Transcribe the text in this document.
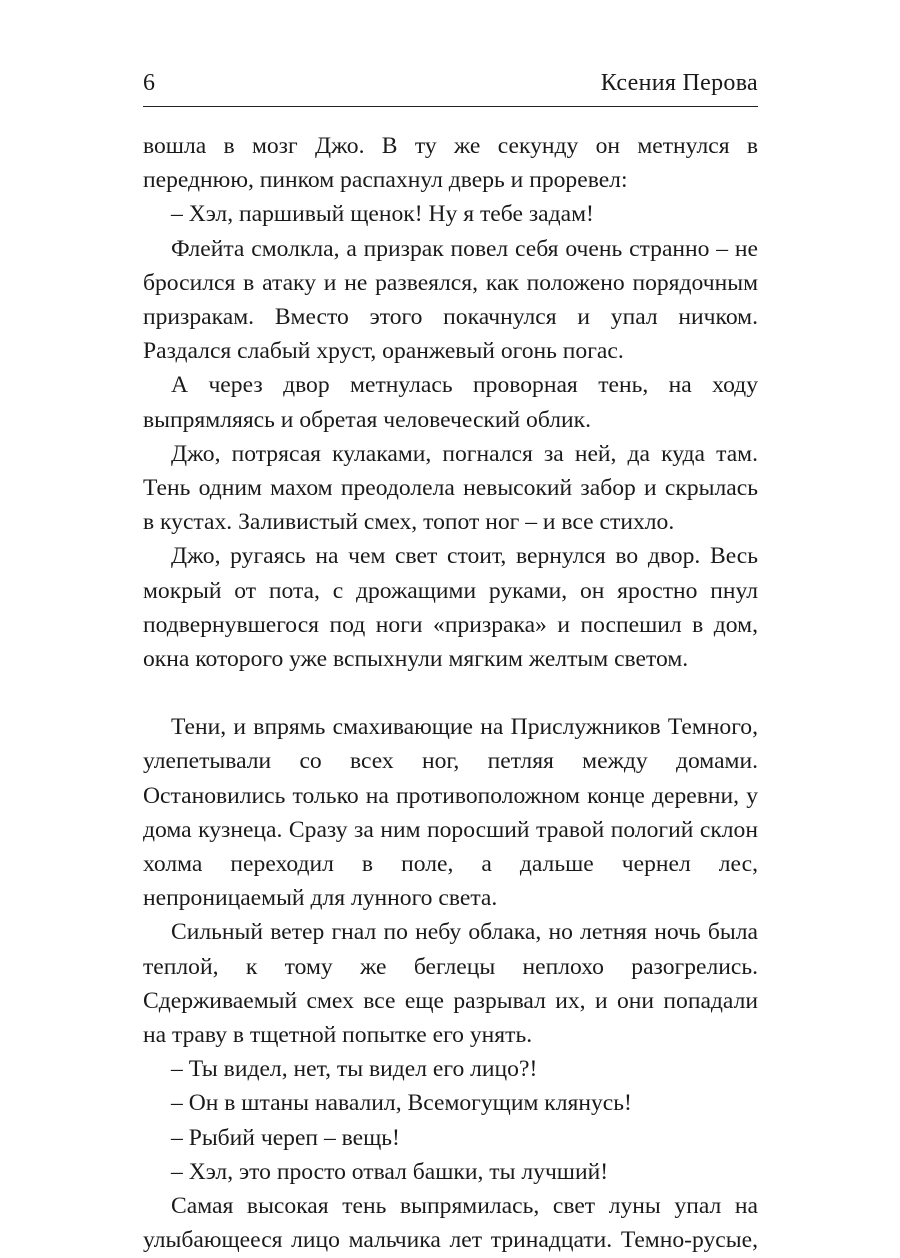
6	Ксения Перова

вошла в мозг Джо. В ту же секунду он метнулся в переднюю, пинком распахнул дверь и проревел:

– Хэл, паршивый щенок! Ну я тебе задам!

Флейта смолкла, а призрак повел себя очень странно – не бросился в атаку и не развеялся, как положено порядочным призракам. Вместо этого покачнулся и упал ничком. Раздался слабый хруст, оранжевый огонь погас.

А через двор метнулась проворная тень, на ходу выпрямляясь и обретая человеческий облик.

Джо, потрясая кулаками, погнался за ней, да куда там. Тень одним махом преодолела невысокий забор и скрылась в кустах. Заливистый смех, топот ног – и все стихло.

Джо, ругаясь на чем свет стоит, вернулся во двор. Весь мокрый от пота, с дрожащими руками, он яростно пнул подвернувшегося под ноги «призрака» и поспешил в дом, окна которого уже вспыхнули мягким желтым светом.

Тени, и впрямь смахивающие на Прислужников Темного, улепетывали со всех ног, петляя между домами. Остановились только на противоположном конце деревни, у дома кузнеца. Сразу за ним поросший травой пологий склон холма переходил в поле, а дальше чернел лес, непроницаемый для лунного света.

Сильный ветер гнал по небу облака, но летняя ночь была теплой, к тому же беглецы неплохо разогрелись. Сдерживаемый смех все еще разрывал их, и они попадали на траву в тщетной попытке его унять.

– Ты видел, нет, ты видел его лицо?!

– Он в штаны навалил, Всемогущим клянусь!

– Рыбий череп – вещь!

– Хэл, это просто отвал башки, ты лучший!

Самая высокая тень выпрямилась, свет луны упал на улыбающееся лицо мальчика лет тринадцати. Темно-русые,
